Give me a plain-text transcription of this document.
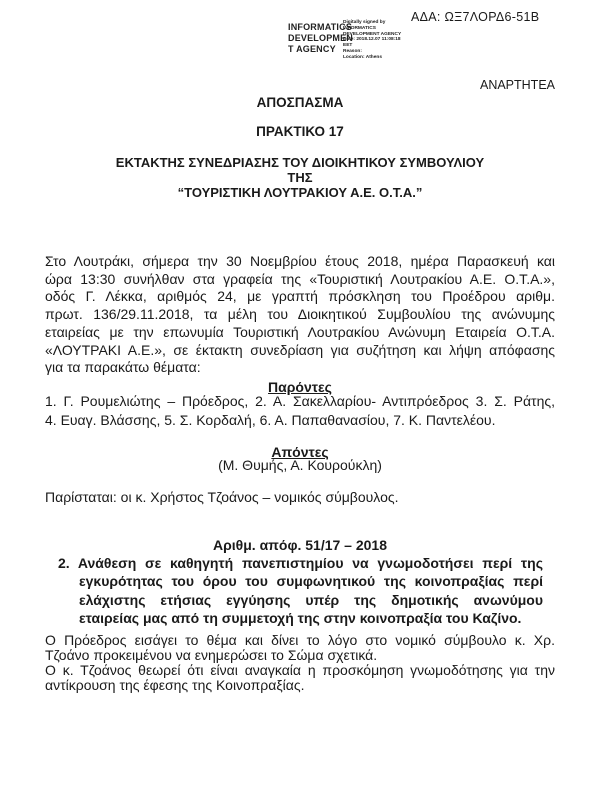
ΑΔΑ: ΩΞ7ΛΟΡΔ6-51Β
INFORMATICS
DEVELOPMEN
T AGENCY
Digitally signed by
INFORMATICS
DEVELOPMENT AGENCY
Date: 2018.12.07 11:08:18
EET
Reason:
Location: Athens
ΑΝΑΡΤΗΤΕΑ
ΑΠΟΣΠΑΣΜΑ
ΠΡΑΚΤΙΚΟ 17
ΕΚΤΑΚΤΗΣ ΣΥΝΕΔΡΙΑΣΗΣ ΤΟΥ ΔΙΟΙΚΗΤΙΚΟΥ ΣΥΜΒΟΥΛΙΟΥ
ΤΗΣ
“ΤΟΥΡΙΣΤΙΚΗ ΛΟΥΤΡΑΚΙΟΥ Α.Ε. Ο.Τ.Α.”
Στο Λουτράκι, σήμερα την 30 Νοεμβρίου έτους 2018, ημέρα Παρασκευή και
ώρα 13:30 συνήλθαν στα γραφεία της «Τουριστική Λουτρακίου Α.Ε. Ο.Τ.Α.»,
οδός Γ. Λέκκα, αριθμός 24, με γραπτή πρόσκληση του Προέδρου αριθμ.
πρωτ. 136/29.11.2018, τα μέλη του Διοικητικού Συμβουλίου της ανώνυμης
εταιρείας με την επωνυμία Τουριστική Λουτρακίου Ανώνυμη Εταιρεία Ο.Τ.Α.
«ΛΟΥΤΡΑΚΙ Α.Ε.», σε έκτακτη συνεδρίαση για συζήτηση και λήψη απόφασης
για τα παρακάτω θέματα:
Παρόντες
1. Γ. Ρουμελιώτης – Πρόεδρος, 2. Α. Σακελλαρίου- Αντιπρόεδρος 3. Σ. Ράτης,
4. Ευαγ. Βλάσσης, 5. Σ. Κορδαλή, 6. Α. Παπαθανασίου, 7. Κ. Παντελέου.
Απόντες
(Μ. Θυμής, Α. Κουρούκλη)
Παρίσταται: οι κ. Χρήστος Τζοάνος – νομικός σύμβουλος.
Αριθμ. απόφ. 51/17 – 2018
2. Ανάθεση σε καθηγητή πανεπιστημίου να γνωμοδοτήσει περί της
εγκυρότητας του όρου του συμφωνητικού της κοινοπραξίας περί
ελάχιστης ετήσιας εγγύησης υπέρ της δημοτικής ανωνύμου
εταιρείας μας από τη συμμετοχή της στην κοινοπραξία του Καζίνο.
Ο Πρόεδρος εισάγει το θέμα και δίνει το λόγο στο νομικό σύμβουλο κ. Χρ.
Τζοάνο προκειμένου να ενημερώσει το Σώμα σχετικά.
Ο κ. Τζοάνος θεωρεί ότι είναι αναγκαία η προσκόμηση γνωμοδότησης για την
αντίκρουση της έφεσης της Κοινοπραξίας.
